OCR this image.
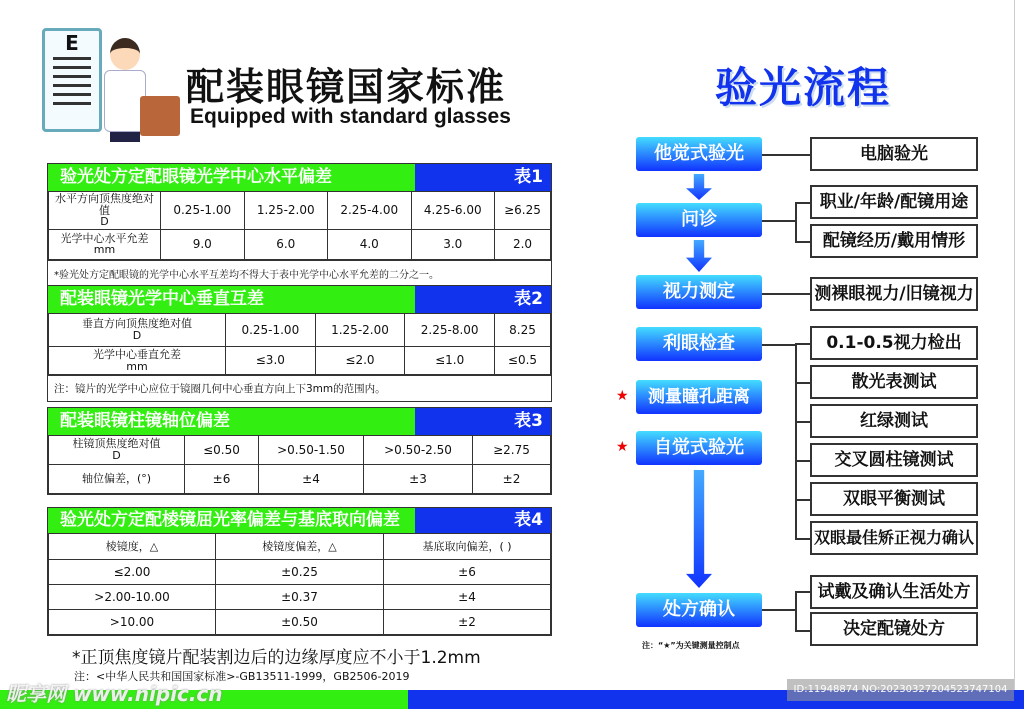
E
配装眼镜国家标准
Equipped with standard glasses
验光处方定配眼镜光学中心水平偏差	表1
水平方向顶焦度绝对值
D	0.25-1.00	1.25-2.00	2.25-4.00	4.25-6.00	≥6.25
光学中心水平允差
mm	9.0	6.0	4.0	3.0	2.0
*验光处方定配眼镜的光学中心水平互差均不得大于表中光学中心水平允差的二分之一。
配装眼镜光学中心垂直互差	表2
垂直方向顶焦度绝对值
D	0.25-1.00	1.25-2.00	2.25-8.00	8.25
光学中心垂直允差
mm	≤3.0	≤2.0	≤1.0	≤0.5
注：镜片的光学中心应位于镜圈几何中心垂直方向上下3mm的范围内。
配装眼镜柱镜轴位偏差	表3
柱镜顶焦度绝对值
D	≤0.50	>0.50-1.50	>0.50-2.50	≥2.75
轴位偏差，(°)	±6	±4	±3	±2
验光处方定配棱镜屈光率偏差与基底取向偏差	表4
棱镜度，△	棱镜度偏差，△	基底取向偏差，( )
≤2.00	±0.25	±6
>2.00-10.00	±0.37	±4
>10.00	±0.50	±2
*正顶焦度镜片配装割边后的边缘厚度应不小于1.2mm
注：<中华人民共和国国家标准>-GB13511-1999，GB2506-2019
昵享网 www.nipic.cn	ID:11948874 NO:20230327204523747104
验光流程
他觉式验光
问诊
视力测定
利眼检查
测量瞳孔距离
★
自觉式验光
★
处方确认
注：“★”为关键测量控制点
电脑验光
职业/年龄/配镜用途
配镜经历/戴用情形
测裸眼视力/旧镜视力
0.1-0.5视力检出
散光表测试
红绿测试
交叉圆柱镜测试
双眼平衡测试
双眼最佳矫正视力确认
试戴及确认生活处方
决定配镜处方
